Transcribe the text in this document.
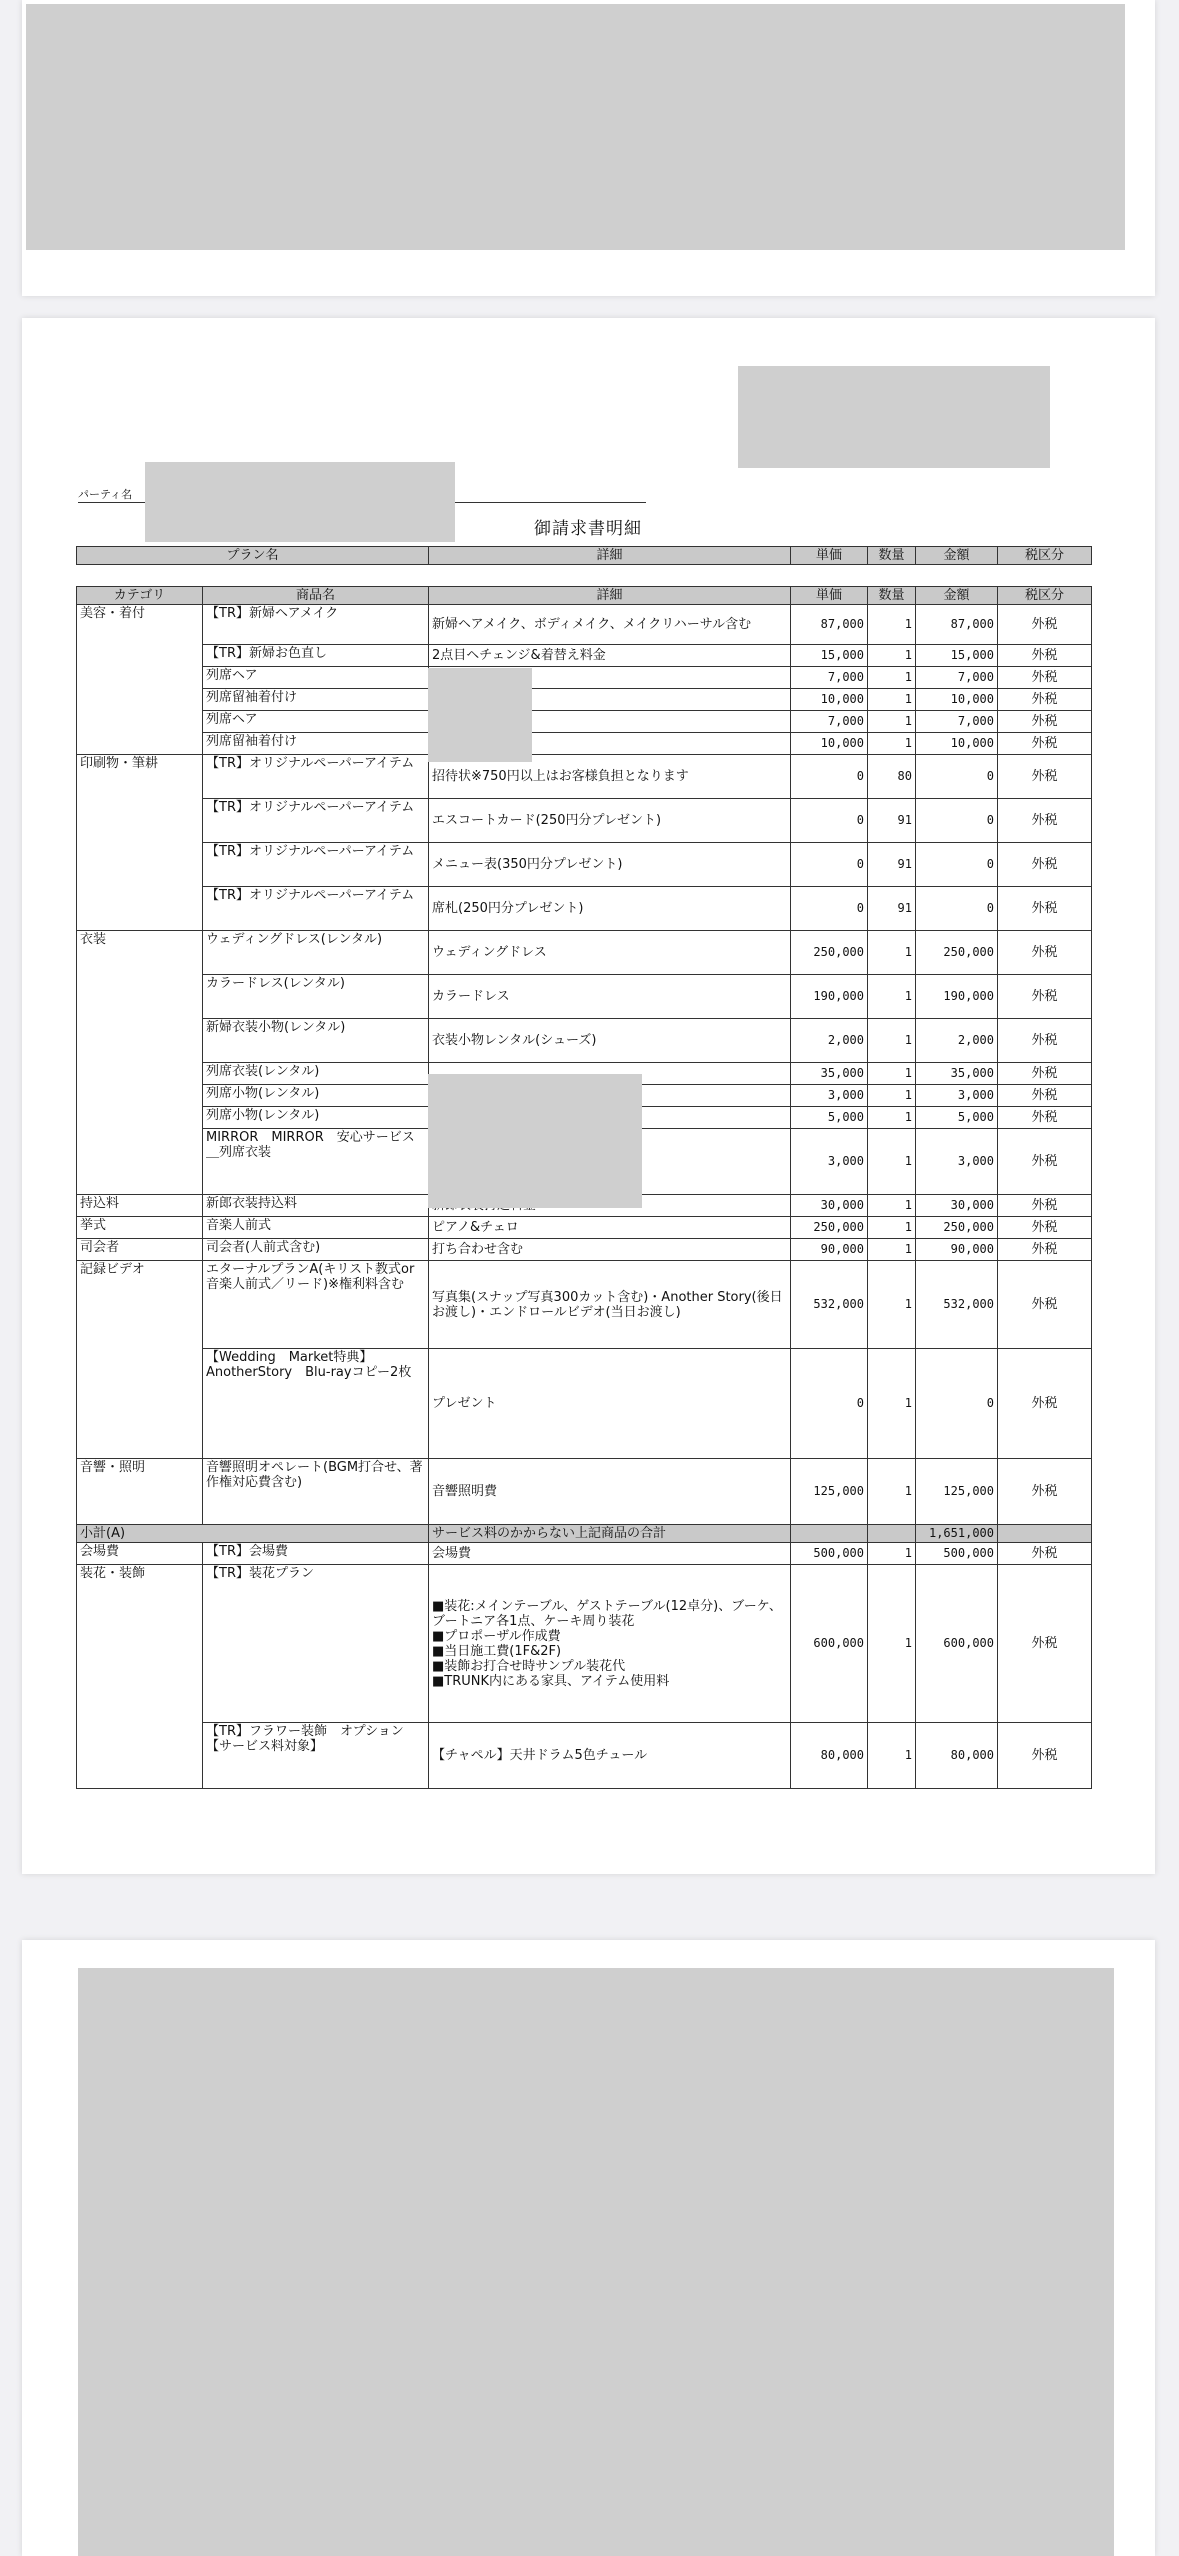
パーティ名
御請求書明細
プラン名	詳細	単価	数量	金額	税区分
カテゴリ	商品名	詳細	単価	数量	金額	税区分
美容・着付	【TR】新婦ヘアメイク	新婦ヘアメイク、ボディメイク、メイクリハーサル含む	87,000	1	87,000	外税
	【TR】新婦お色直し	2点目ヘチェンジ&着替え料金	15,000	1	15,000	外税
	列席ヘア		7,000	1	7,000	外税
	列席留袖着付け		10,000	1	10,000	外税
	列席ヘア		7,000	1	7,000	外税
	列席留袖着付け		10,000	1	10,000	外税
印刷物・筆耕	【TR】オリジナルペーパーアイテム	招待状※750円以上はお客様負担となります	0	80	0	外税
	【TR】オリジナルペーパーアイテム	エスコートカード(250円分プレゼント)	0	91	0	外税
	【TR】オリジナルペーパーアイテム	メニュー表(350円分プレゼント)	0	91	0	外税
	【TR】オリジナルペーパーアイテム	席札(250円分プレゼント)	0	91	0	外税
衣装	ウェディングドレス(レンタル)	ウェディングドレス	250,000	1	250,000	外税
	カラードレス(レンタル)	カラードレス	190,000	1	190,000	外税
	新婦衣装小物(レンタル)	衣装小物レンタル(シューズ)	2,000	1	2,000	外税
	列席衣装(レンタル)		35,000	1	35,000	外税
	列席小物(レンタル)		3,000	1	3,000	外税
	列席小物(レンタル)		5,000	1	5,000	外税
	MIRROR　MIRROR　安心サービス＿列席衣装		3,000	1	3,000	外税
持込料	新郎衣装持込料		30,000	1	30,000	外税
挙式	音楽人前式	ピアノ&チェロ	250,000	1	250,000	外税
司会者	司会者(人前式含む)	打ち合わせ含む	90,000	1	90,000	外税
記録ビデオ	エターナルプランA(キリスト教式or音楽人前式／リード)※権利料含む	写真集(スナップ写真300カット含む)・Another Story(後日お渡し)・エンドロールビデオ(当日お渡し)	532,000	1	532,000	外税
	【Wedding　Market特典】AnotherStory　Blu-rayコピー2枚	プレゼント	0	1	0	外税
音響・照明	音響照明オペレート(BGM打合せ、著作権対応費含む)	音響照明費	125,000	1	125,000	外税
小計(A)		サービス料のかからない上記商品の合計			1,651,000	
会場費	【TR】会場費	会場費	500,000	1	500,000	外税
装花・装飾	【TR】装花プラン	■装花:メインテーブル、ゲストテーブル(12卓分)、ブーケ、ブートニア各1点、ケーキ周り装花
■プロポーザル作成費
■当日施工費(1F&2F)
■装飾お打合せ時サンプル装花代
■TRUNK内にある家具、アイテム使用料	600,000	1	600,000	外税
	【TR】フラワー装飾　オプション【サービス料対象】	【チャペル】天井ドラム5色チュール	80,000	1	80,000	外税
